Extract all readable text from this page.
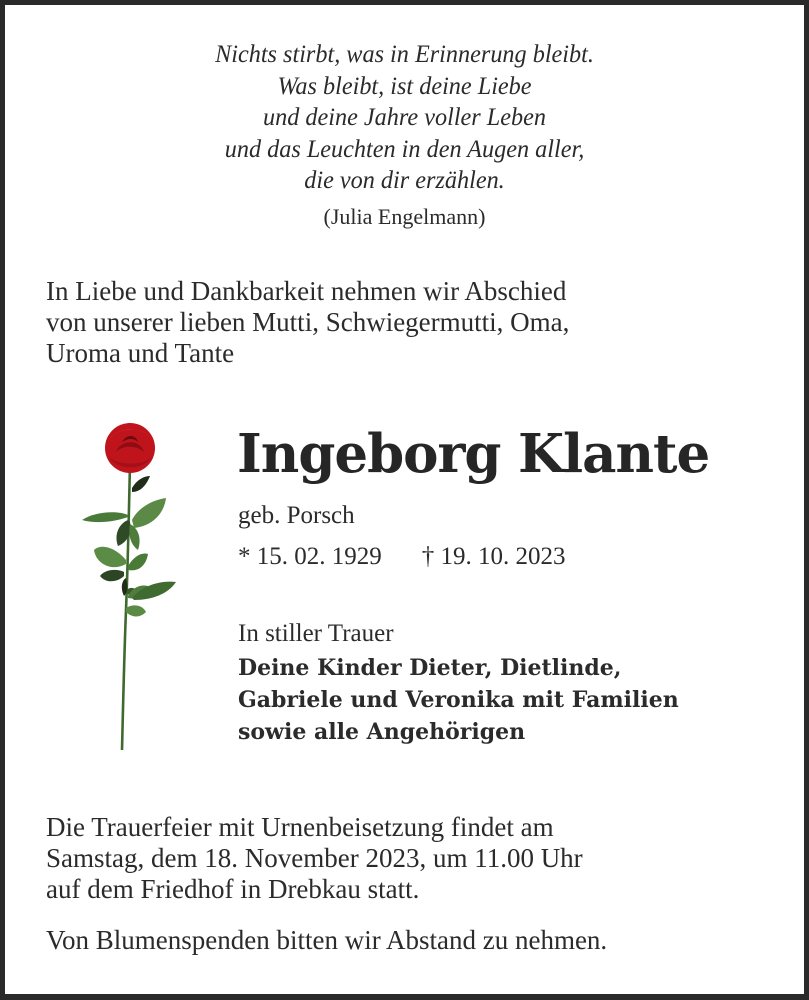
Nichts stirbt, was in Erinnerung bleibt.
Was bleibt, ist deine Liebe
und deine Jahre voller Leben
und das Leuchten in den Augen aller,
die von dir erzählen.
(Julia Engelmann)
In Liebe und Dankbarkeit nehmen wir Abschied
von unserer lieben Mutti, Schwiegermutti, Oma,
Uroma und Tante
Ingeborg Klante
geb. Porsch
* 15. 02. 1929 † 19. 10. 2023
In stiller Trauer
Deine Kinder Dieter, Dietlinde,
Gabriele und Veronika mit Familien
sowie alle Angehörigen
Die Trauerfeier mit Urnenbeisetzung findet am
Samstag, dem 18. November 2023, um 11.00 Uhr
auf dem Friedhof in Drebkau statt.
Von Blumenspenden bitten wir Abstand zu nehmen.
